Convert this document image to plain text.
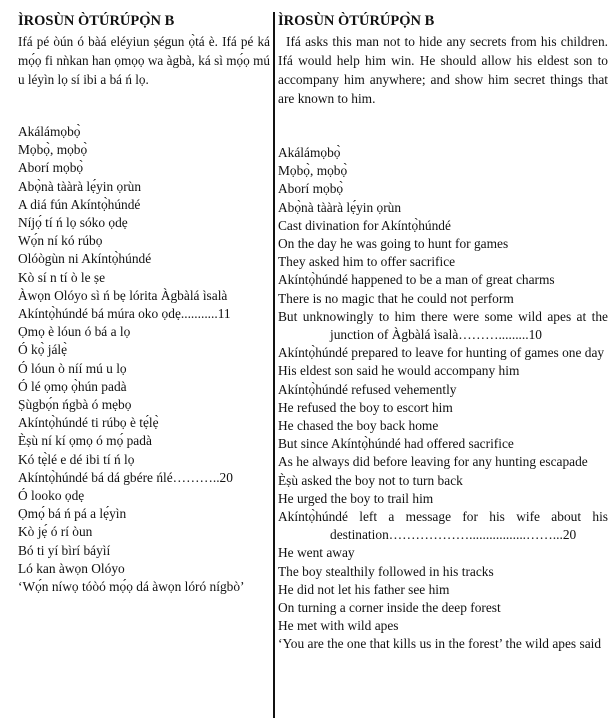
ÌROSÙN ÒTÚRÚPỌ̀N B
Ifá pé òún ó bàá eléyiun ṣégun ọ̀tá è. Ifá pé ká mọ́ọ fi nǹkan han ọmọọ wa àgbà, ká sì mọ́ọ mú u léyìn lọ sí ibi a bá ń lọ.
Akálámọbọ̀
Mọbọ̀, mọbọ̀
Aborí mọbọ̀
Abọ̀nà tààrà lẹ́yin ọrùn
A diá fún Akíntọ̀húndé
Níjọ́ tí ń lọ sóko ọdẹ
Wọ́n ní kó rúbọ
Olóògùn ni Akíntọ̀húndé
Kò sí n tí ò le ṣe
Àwọn Olóyo sì ń bẹ lórita Àgbàlá ìsalà
Akíntọ̀húndé bá múra oko ọdẹ...........11
Ọmọ è lóun ó bá a lọ
Ó kọ̀ jálẹ̀
Ó lóun ò níí mú u lọ
Ó lé ọmọ ọ̀hún padà
Ṣùgbọ́n ńgbà ó mẹbọ
Akíntọ̀húndé ti rúbọ è tẹ́lẹ̀
Èṣù ní kí ọmọ ó mọ́ padà
Kó tẹ̀lé e dé ibi tí ń lọ
Akíntọ̀húndé bá dá gbére ńlé………..20
Ó looko ọdẹ
Ọmọ́ bá ń pá a lẹ́yìn
Kò jẹ́ ó rí òun
Bó ti yí bìrí báyìí
Ló kan àwọn Olóyo
‘Wọ́n níwọ tóòó mọ́ọ dá àwọn lóró nígbò’
ÌROSÙN ÒTÚRÚPỌ̀N B
Ifá asks this man not to hide any secrets from his children. Ifá would help him win. He should allow his eldest son to accompany him anywhere; and show him secret things that are known to him.
Akálámọbọ̀
Mọbọ̀, mọbọ̀
Aborí mọbọ̀
Abọ̀nà tààrà lẹ́yin ọrùn
Cast divination for Akíntọ̀húndé
On the day he was going to hunt for games
They asked him to offer sacrifice
Akíntọ̀húndé happened to be a man of great charms
There is no magic that he could not perform
But unknowingly to him there were some wild apes at the junction of Àgbàlá ìsalà……….........10
Akíntọ̀húndé prepared to leave for hunting of games one day
His eldest son said he would accompany him
Akíntọ̀húndé refused vehemently
He refused the boy to escort him
He chased the boy back home
But since Akíntọ̀húndé had offered sacrifice
As he always did before leaving for any hunting escapade
Èṣù asked the boy not to turn back
He urged the boy to trail him
Akíntọ̀húndé left a message for his wife about his destination……………….................……...20
He went away
The boy stealthily followed in his tracks
He did not let his father see him
On turning a corner inside the deep forest
He met with wild apes
‘You are the one that kills us in the forest’ the wild apes said
